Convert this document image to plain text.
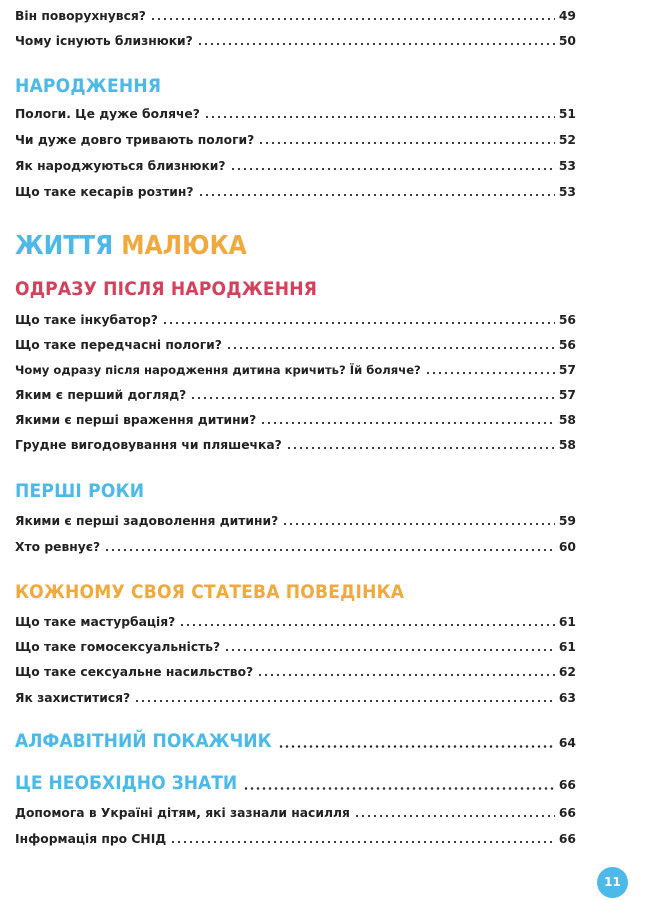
Він поворухнувся?	49
Чому існують близнюки?	50
НАРОДЖЕННЯ
Пологи. Це дуже боляче?	51
Чи дуже довго тривають пологи?	52
Як народжуються близнюки?	53
Що таке кесарів розтин?	53
ЖИТТЯ МАЛЮКА
ОДРАЗУ ПІСЛЯ НАРОДЖЕННЯ
Що таке інкубатор?	56
Що таке передчасні пологи?	56
Чому одразу після народження дитина кричить? Їй боляче?	57
Яким є перший догляд?	57
Якими є перші враження дитини?	58
Грудне вигодовування чи пляшечка?	58
ПЕРШІ РОКИ
Якими є перші задоволення дитини?	59
Хто ревнує?	60
КОЖНОМУ СВОЯ СТАТЕВА ПОВЕДІНКА
Що таке мастурбація?	61
Що таке гомосексуальність?	61
Що таке сексуальне насильство?	62
Як захиститися?	63
АЛФАВІТНИЙ ПОКАЖЧИК	64
ЦЕ НЕОБХІДНО ЗНАТИ	66
Допомога в Україні дітям, які зазнали насилля	66
Інформація про СНІД	66
11
